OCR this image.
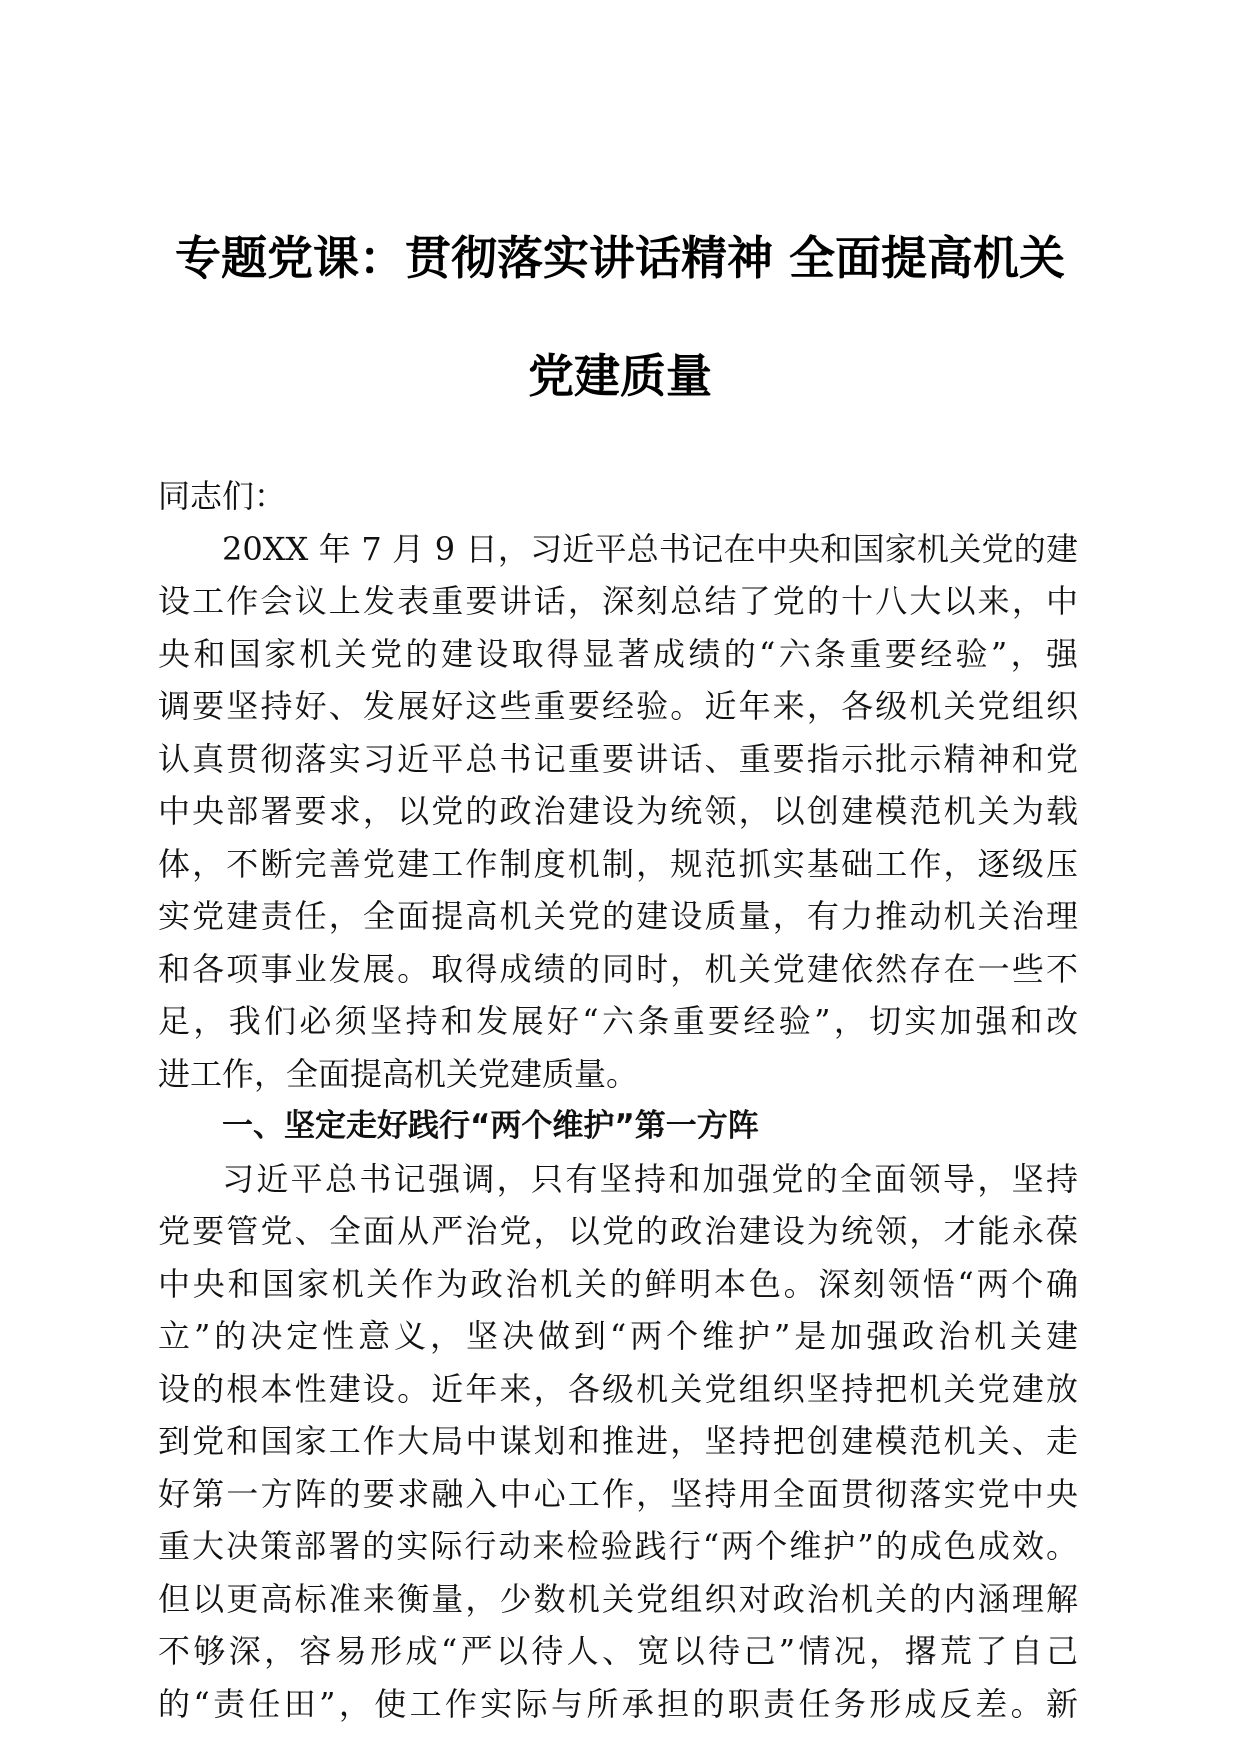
专题党课：贯彻落实讲话精神 全面提高机关
党建质量
同志们：
20XX 年 7 月 9 日，习近平总书记在中央和国家机关党的建
设工作会议上发表重要讲话，深刻总结了党的十八大以来，中
央和国家机关党的建设取得显著成绩的“六条重要经验”，强
调要坚持好、发展好这些重要经验。近年来，各级机关党组织
认真贯彻落实习近平总书记重要讲话、重要指示批示精神和党
中央部署要求，以党的政治建设为统领，以创建模范机关为载
体，不断完善党建工作制度机制，规范抓实基础工作，逐级压
实党建责任，全面提高机关党的建设质量，有力推动机关治理
和各项事业发展。取得成绩的同时，机关党建依然存在一些不
足，我们必须坚持和发展好“六条重要经验”，切实加强和改
进工作，全面提高机关党建质量。
一、坚定走好践行“两个维护”第一方阵
习近平总书记强调，只有坚持和加强党的全面领导，坚持
党要管党、全面从严治党，以党的政治建设为统领，才能永葆
中央和国家机关作为政治机关的鲜明本色。深刻领悟“两个确
立”的决定性意义，坚决做到“两个维护”是加强政治机关建
设的根本性建设。近年来，各级机关党组织坚持把机关党建放
到党和国家工作大局中谋划和推进，坚持把创建模范机关、走
好第一方阵的要求融入中心工作，坚持用全面贯彻落实党中央
重大决策部署的实际行动来检验践行“两个维护”的成色成效。
但以更高标准来衡量，少数机关党组织对政治机关的内涵理解
不够深，容易形成“严以待人、宽以待己”情况，撂荒了自己
的“责任田”，使工作实际与所承担的职责任务形成反差。新
